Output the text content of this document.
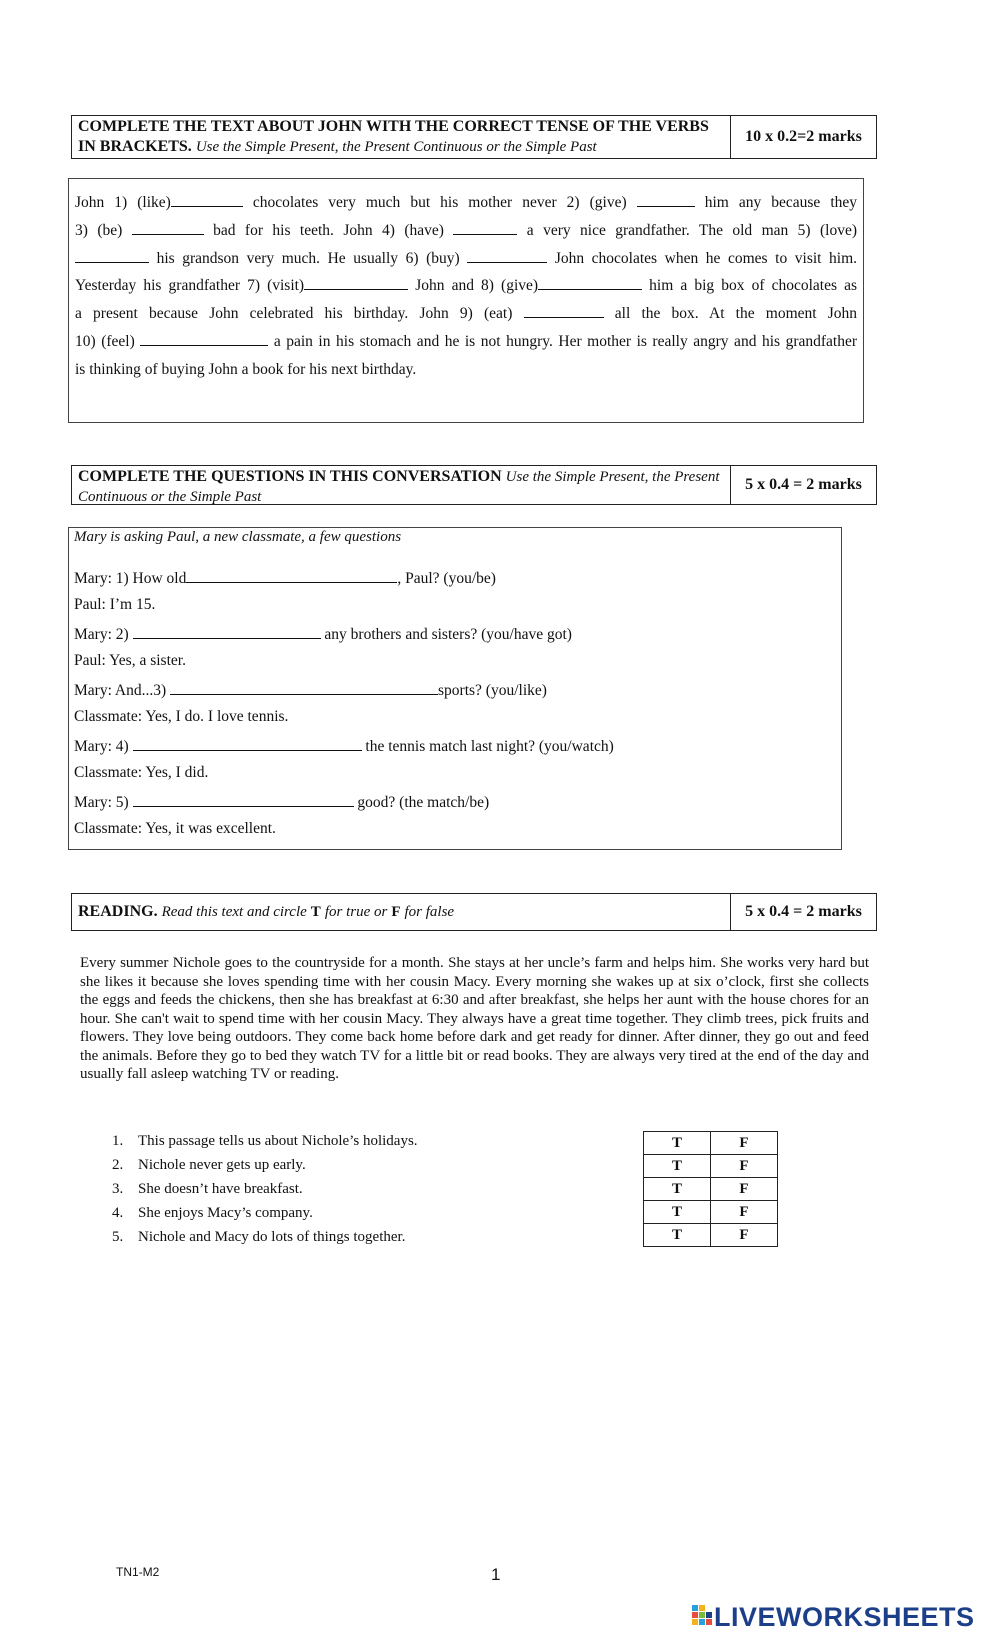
COMPLETE THE TEXT ABOUT JOHN WITH THE CORRECT TENSE OF THE VERBS IN BRACKETS. Use the Simple Present, the Present Continuous or the Simple Past
10 x 0.2=2 marks
John 1) (like)	chocolates very much but his mother never 2) (give)	him any because they
3) (be)	bad for his teeth. John 4) (have)	a very nice grandfather. The old man 5) (love)
his grandson very much. He usually 6) (buy)	John chocolates when he comes to visit him.
Yesterday his grandfather 7) (visit)	John and 8) (give)	him a big box of chocolates as
a present because John celebrated his birthday. John 9) (eat)	all the box. At the moment John
10) (feel)	a pain in his stomach and he is not hungry. Her mother is really angry and his grandfather
is thinking of buying John a book for his next birthday.
COMPLETE THE QUESTIONS IN THIS CONVERSATION Use the Simple Present, the Present Continuous or the Simple Past
5 x 0.4 = 2 marks
Mary is asking Paul, a new classmate, a few questions
Mary: 1) How old	, Paul? (you/be)
Paul: I’m 15.
Mary: 2)	any brothers and sisters? (you/have got)
Paul: Yes, a sister.
Mary: And...3)	sports? (you/like)
Classmate: Yes, I do. I love tennis.
Mary: 4)	the tennis match last night? (you/watch)
Classmate: Yes, I did.
Mary: 5)	good? (the match/be)
Classmate: Yes, it was excellent.
READING. Read this text and circle T for true or F for false	5 x 0.4 = 2 marks
Every summer Nichole goes to the countryside for a month. She stays at her uncle’s farm and helps him. She works very hard but she likes it because she loves spending time with her cousin Macy. Every morning she wakes up at six o’clock, first she collects the eggs and feeds the chickens, then she has breakfast at 6:30 and after breakfast, she helps her aunt with the house chores for an hour. She can't wait to spend time with her cousin Macy. They always have a great time together. They climb trees, pick fruits and flowers. They love being outdoors. They come back home before dark and get ready for dinner. After dinner, they go out and feed the animals. Before they go to bed they watch TV for a little bit or read books. They are always very tired at the end of the day and usually fall asleep watching TV or reading.
1. This passage tells us about Nichole’s holidays.
2. Nichole never gets up early.
3. She doesn’t have breakfast.
4. She enjoys Macy’s company.
5. Nichole and Macy do lots of things together.
T	F
T	F
T	F
T	F
T	F
TN1-M2	1
LIVEWORKSHEETS
